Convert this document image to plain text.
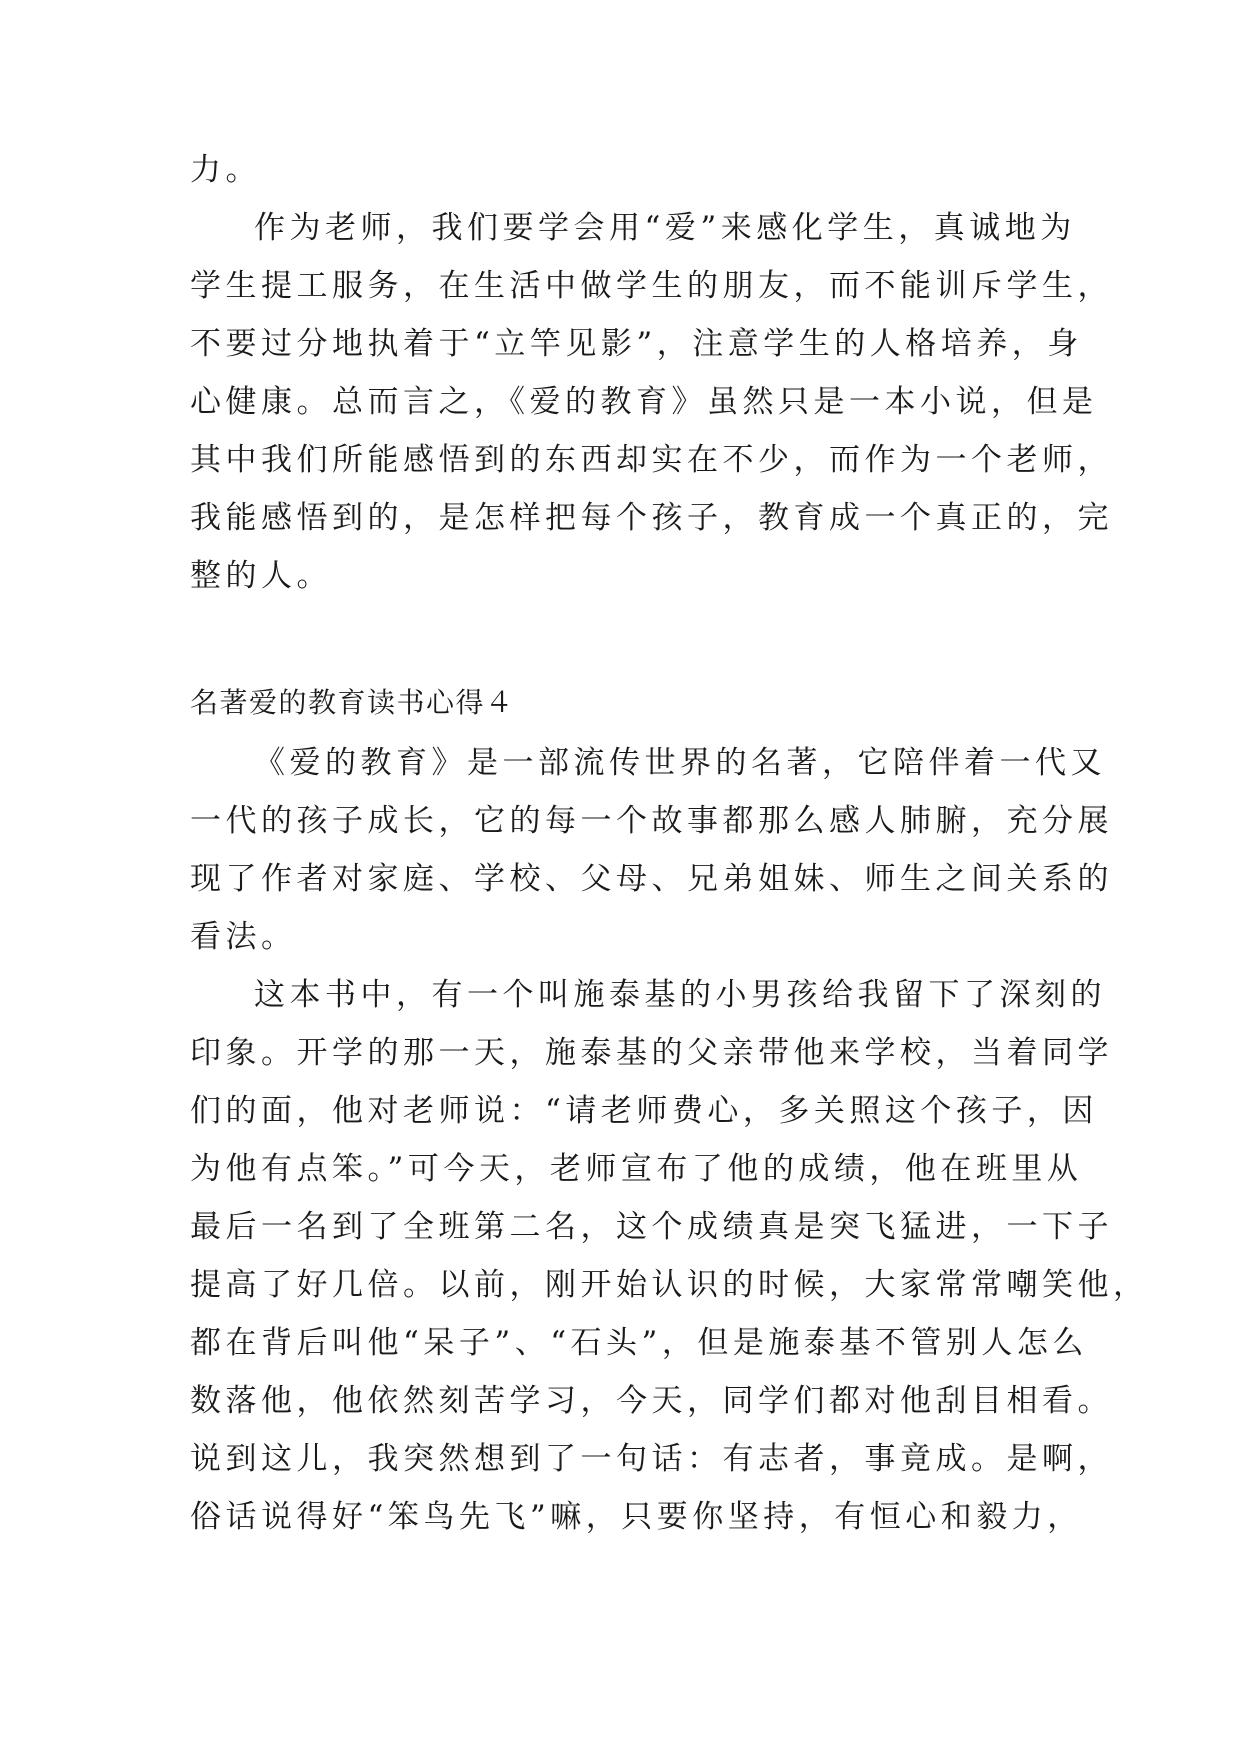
力。
作为老师，我们要学会用“爱”来感化学生，真诚地为
学生提工服务，在生活中做学生的朋友，而不能训斥学生，
不要过分地执着于“立竿见影”，注意学生的人格培养，身
心健康。总而言之，《爱的教育》虽然只是一本小说，但是
其中我们所能感悟到的东西却实在不少，而作为一个老师，
我能感悟到的，是怎样把每个孩子，教育成一个真正的，完
整的人。
名著爱的教育读书心得４
《爱的教育》是一部流传世界的名著，它陪伴着一代又
一代的孩子成长，它的每一个故事都那么感人肺腑，充分展
现了作者对家庭、学校、父母、兄弟姐妹、师生之间关系的
看法。
这本书中，有一个叫施泰基的小男孩给我留下了深刻的
印象。开学的那一天，施泰基的父亲带他来学校，当着同学
们的面，他对老师说：“请老师费心，多关照这个孩子，因
为他有点笨。”可今天，老师宣布了他的成绩，他在班里从
最后一名到了全班第二名，这个成绩真是突飞猛进，一下子
提高了好几倍。以前，刚开始认识的时候，大家常常嘲笑他，
都在背后叫他“呆子”、“石头”，但是施泰基不管别人怎么
数落他，他依然刻苦学习，今天，同学们都对他刮目相看。
说到这儿，我突然想到了一句话：有志者，事竟成。是啊，
俗话说得好“笨鸟先飞”嘛，只要你坚持，有恒心和毅力，
